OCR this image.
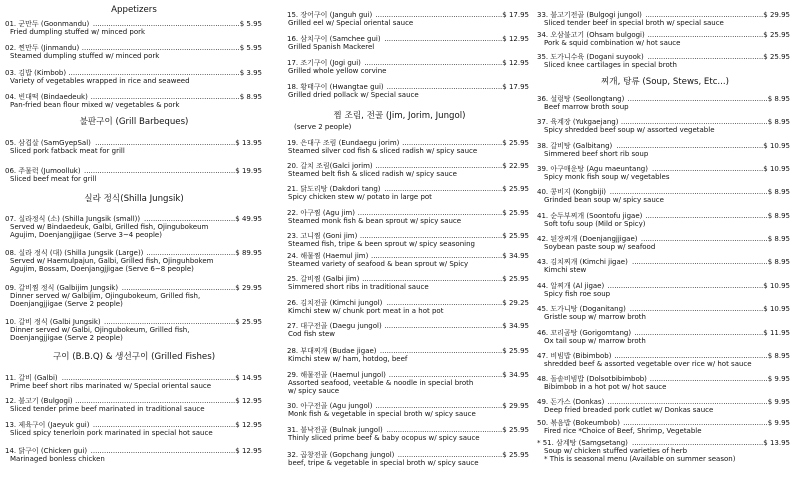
Appetizers
01. 군만두 (Goonmandu) ..................................................................$ 5.95
Fried dumpling stuffed w/ minced pork
02. 찐만두 (Jinmandu) .......................................................................$ 5.95
Steamed dumpling stuffed w/ minced pork
03. 김밥 (Kimbob) .............................................................................$ 3.95
Variety of vegetables wrapped in rice and seaweed
04. 빈대떡 (Bindaedeuk) ...................................................................$ 8.95
Pan-fried bean flour mixed w/ vegetables & pork
불판구이 (Grill Barbeques)
05. 삼겹살 (SamGyepSal) ...............................................................$ 13.95
Sliced pork fatback meat for grill
06. 주물럭 (Jumoolluk) ....................................................................$ 19.95
Sliced beef meat for grill
실라 정식(Shilla Jungsik)
07. 실라정식 (소) (Shilla Jungsik (small)) .........................................$ 49.95
Served w/ Bindaedeuk, Galbi, Grilled fish, Ojingubokeum
Agujim, Doenjangjjigae (Serve 3~4 people)
08. 실라 정식 (대) (Shilla Jungsik (Large)) ........................................$ 89.95
Served w/ Haemulpajun, Galbi, Grilled fish, Ojinguhbokem
Agujim, Bossam, Doenjangjjigae (Serve 6~8 people)
09. 갈비찜 정식 (Galbijim Jungsik) ...................................................$ 29.95
Dinner served w/ Galbijim, Ojingubokeum, Grilled fish,
Doenjangjjigae (Serve 2 people)
10. 갈비 정식 (Galbi Jungsik) ...........................................................$ 25.95
Dinner served w/ Galbi, Ojingubokeum, Grilled fish,
Doenjangjjigae (Serve 2 people)
구이 (B.B.Q) & 생선구이 (Grilled Fishes)
11. 갈비 (Galbi) ..............................................................................$ 14.95
Prime beef short ribs marinated w/ Special oriental sauce
12. 불고기 (Bulgogi) ........................................................................$ 12.95
Sliced tender prime beef marinated in traditional sauce
13. 제육구이 (Jaeyuk gui) ................................................................$ 12.95
Sliced spicy tenerloin pork marinated in special hot sauce
14. 닭구이 (Chicken gui) .................................................................$ 12.95
Marinaged bonless chicken
15. 장어구이 (Janguh gui) .........................................................$ 17.95
Grilled eel w/ Special oriental sauce
16. 삼치구이 (Samchee gui) .....................................................$ 12.95
Grilled Spanish Mackerel
17. 조기구이 (Jogi gui) ..............................................................$ 12.95
Grilled whole yellow corvine
18. 황태구이 (Hwangtae gui) ....................................................$ 17.95
Grilled dried pollack w/ Special sauce
찜 조림, 전골 (Jim, Jorim, Jungol)
(serve 2 people)
19. 은대구 조림 (Eundaegu jorim) .............................................$ 25.95
Steamed silver cod fish & sliced radish w/ spicy sauce
20. 갈치 조림(Galci jorim) .........................................................$ 22.95
Steamed belt fish & sliced radish w/ spicy sauce
21. 닭도리탕 (Dakdori tang) .....................................................$ 25.95
Spicy chicken stew w/ potato in large pot
22. 아구찜 (Agu jim) .................................................................$ 25.95
Steamed monk fish & bean sprout w/ spicy sauce
23. 고니찜 (Goni jim) ................................................................$ 25.95
Steamed fish, tripe & been sprout w/ spicy seasoning
24. 해물찜 (Haemul jim) ...........................................................$ 34.95
Steamed variety of seafood & bean sprout w/ Spicy
25. 갈비찜 (Galbi jim) ...............................................................$ 25.95
Simmered short ribs in traditional sauce
26. 김치전골 (Kimchi jungol) ....................................................$ 29.25
Kimchi stew w/ chunk port meat in a hot pot
27. 대구전골 (Daegu jungol) .....................................................$ 34.95
Cod fish stew
28. 부대찌개 (Budae jigae) .......................................................$ 25.95
Kimchi stew w/ ham, hotdog, beef
29. 해물전골 (Haemul jungol) ...................................................$ 34.95
Assorted seafood, veetable & noodle in special broth
w/ spicy sauce
30. 아구전골 (Agu jungol) .........................................................$ 29.95
Monk fish & vegetable in special broth w/ spicy sauce
31. 불낙전골 (Bulnak jungol) ....................................................$ 25.95
Thinly sliced prime beef & baby ocopus w/ spicy sauce
32. 곱창전골 (Gopchang jungol) ...............................................$ 25.95
beef, tripe & vegetable in special broth w/ spicy sauce
33. 불고기전골 (Bulgogi jungol) .....................................................$ 29.95
Sliced tender beef in special broth w/ special sauce
34. 오삼불고기 (Ohsam bulgogi) ....................................................$ 25.95
Pork & squid combination w/ hot sauce
35. 도가니수육 (Dogani suyook) ....................................................$ 25.95
Sliced knee cartilages in special broth
찌개, 탕류 (Soup, Stews, Etc...)
36. 설렁탕 (Seollongtang) ...............................................................$ 8.95
Beef marrow broth soup
37. 육계장 (Yukgaejang) ..................................................................$ 8.95
Spicy shredded beef soup w/ assorted vegetable
38. 갈비탕 (Galbitang) ..................................................................$ 10.95
Simmered beef short rib soup
39. 아구매운탕 (Agu maeuntang) ..................................................$ 10.95
Spicy monk fish soup w/ vegetables
40. 콩비지 (Kongbiji) .......................................................................$ 8.95
Grinded bean soup w/ spicy sauce
41. 순두부찌개 (Soontofu jigae) .......................................................$ 8.95
Soft tofu soup (Mild or Spicy)
42. 된장찌개 (Doenjangjjigae) .........................................................$ 8.95
Soybean paste soup w/ seafood
43. 김치찌개 (Kimchi jigae) .............................................................$ 8.95
Kimchi stew
44. 알찌개 (Al jigae) ......................................................................$ 10.95
Spicy fish roe soup
45. 도가니탕 (Doganitang) ............................................................$ 10.95
Gristle soup w/ marrow broth
46. 꼬리곰탕 (Gorigomtang) ..........................................................$ 11.95
Ox tail soup w/ marrow broth
47. 비빔밥 (Bibimbob) .....................................................................$ 8.95
shredded beef & assorted vegetable over rice w/ hot sauce
48. 돌솥비빔밥 (Dolsotbibimbob) .....................................................$ 9.95
Bibimbob in a hot pot w/ hot sauce
49. 돈가스 (Donkas) ........................................................................$ 9.95
Deep fried breaded pork cutlet w/ Donkas sauce
50. 볶음밥 (Bokeumbob) .................................................................$ 9.95
Fired rice *Choice of Beef, Shrimp, Vegetable
* 51. 삼계탕 (Samgsetang) ...........................................................$ 13.95
Soup w/ chicken stuffed varieties of herb
* This is seasonal menu (Available on summer season)
